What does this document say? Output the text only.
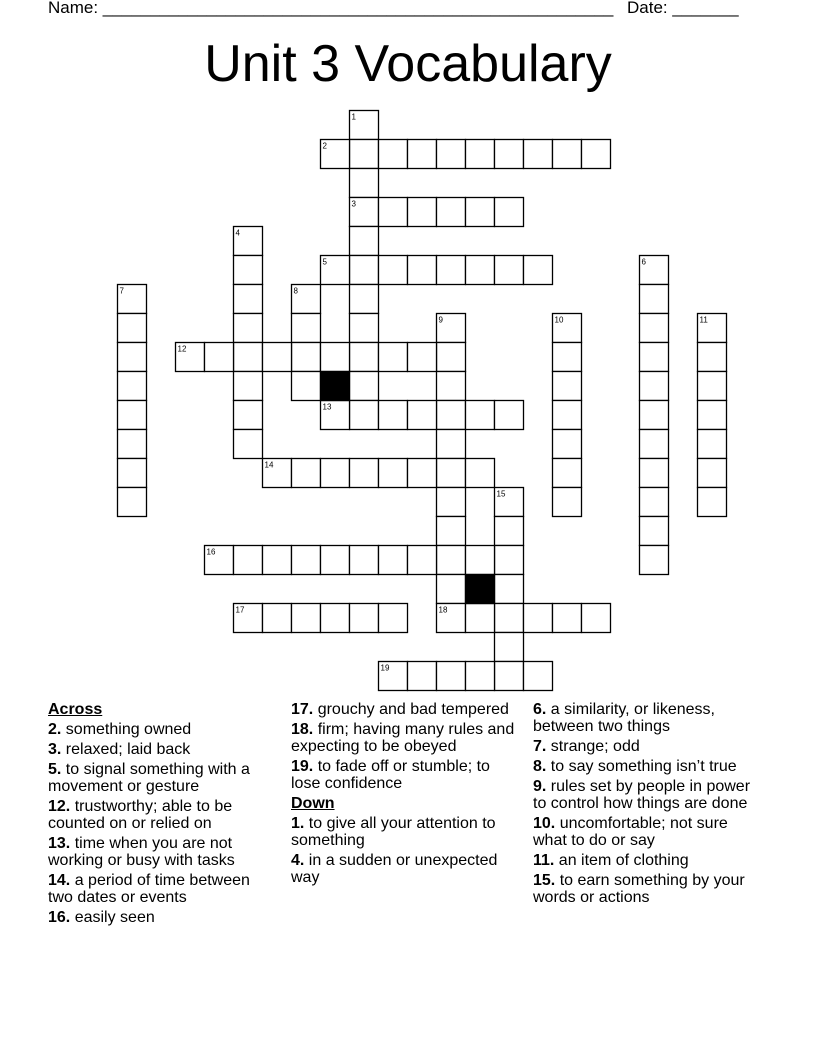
Name: ______________________________________________________ Date: _______
Unit 3 Vocabulary
1
2
3
4
5	6
7	8
9	10	11
12
13
14
15
16
17	18
19
Across
2. something owned
3. relaxed; laid back
5. to signal something with a movement or gesture
12. trustworthy; able to be counted on or relied on
13. time when you are not working or busy with tasks
14. a period of time between two dates or events
16. easily seen
17. grouchy and bad tempered
18. firm; having many rules and expecting to be obeyed
19. to fade off or stumble; to lose confidence
Down
1. to give all your attention to something
4. in a sudden or unexpected way
6. a similarity, or likeness, between two things
7. strange; odd
8. to say something isn’t true
9. rules set by people in power to control how things are done
10. uncomfortable; not sure what to do or say
11. an item of clothing
15. to earn something by your words or actions
